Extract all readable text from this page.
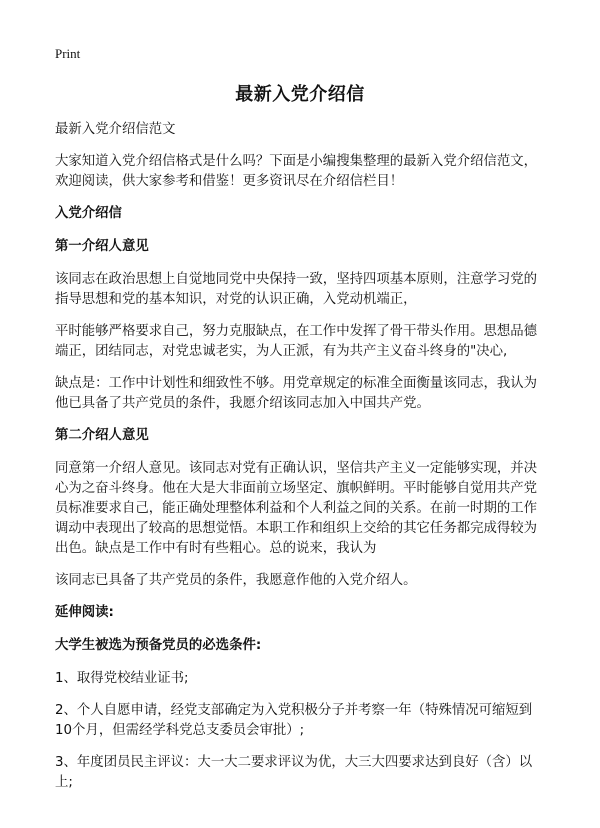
Print
最新入党介绍信

最新入党介绍信范文

大家知道入党介绍信格式是什么吗？下面是小编搜集整理的最新入党介绍信范文，欢迎阅读，供大家参考和借鉴！更多资讯尽在介绍信栏目！

入党介绍信
第一介绍人意见

该同志在政治思想上自觉地同党中央保持一致，坚持四项基本原则，注意学习党的指导思想和党的基本知识，对党的认识正确，入党动机端正，

平时能够严格要求自己，努力克服缺点，在工作中发挥了骨干带头作用。思想品德端正，团结同志，对党忠诚老实，为人正派，有为共产主义奋斗终身的"决心,

缺点是：工作中计划性和细致性不够。用党章规定的标准全面衡量该同志，我认为他已具备了共产党员的条件，我愿介绍该同志加入中国共产党。

第二介绍人意见

同意第一介绍人意见。该同志对党有正确认识，坚信共产主义一定能够实现，并决心为之奋斗终身。他在大是大非面前立场坚定、旗帜鲜明。平时能够自觉用共产党员标准要求自己，能正确处理整体利益和个人利益之间的关系。在前一时期的工作调动中表现出了较高的思想觉悟。本职工作和组织上交给的其它任务都完成得较为出色。缺点是工作中有时有些粗心。总的说来，我认为

该同志已具备了共产党员的条件，我愿意作他的入党介绍人。

延伸阅读:
大学生被选为预备党员的必选条件:

1、取得党校结业证书;

2、个人自愿申请，经党支部确定为入党积极分子并考察一年（特殊情况可缩短到10个月，但需经学科党总支委员会审批）;

3、年度团员民主评议：大一大二要求评议为优，大三大四要求达到良好（含）以上;
